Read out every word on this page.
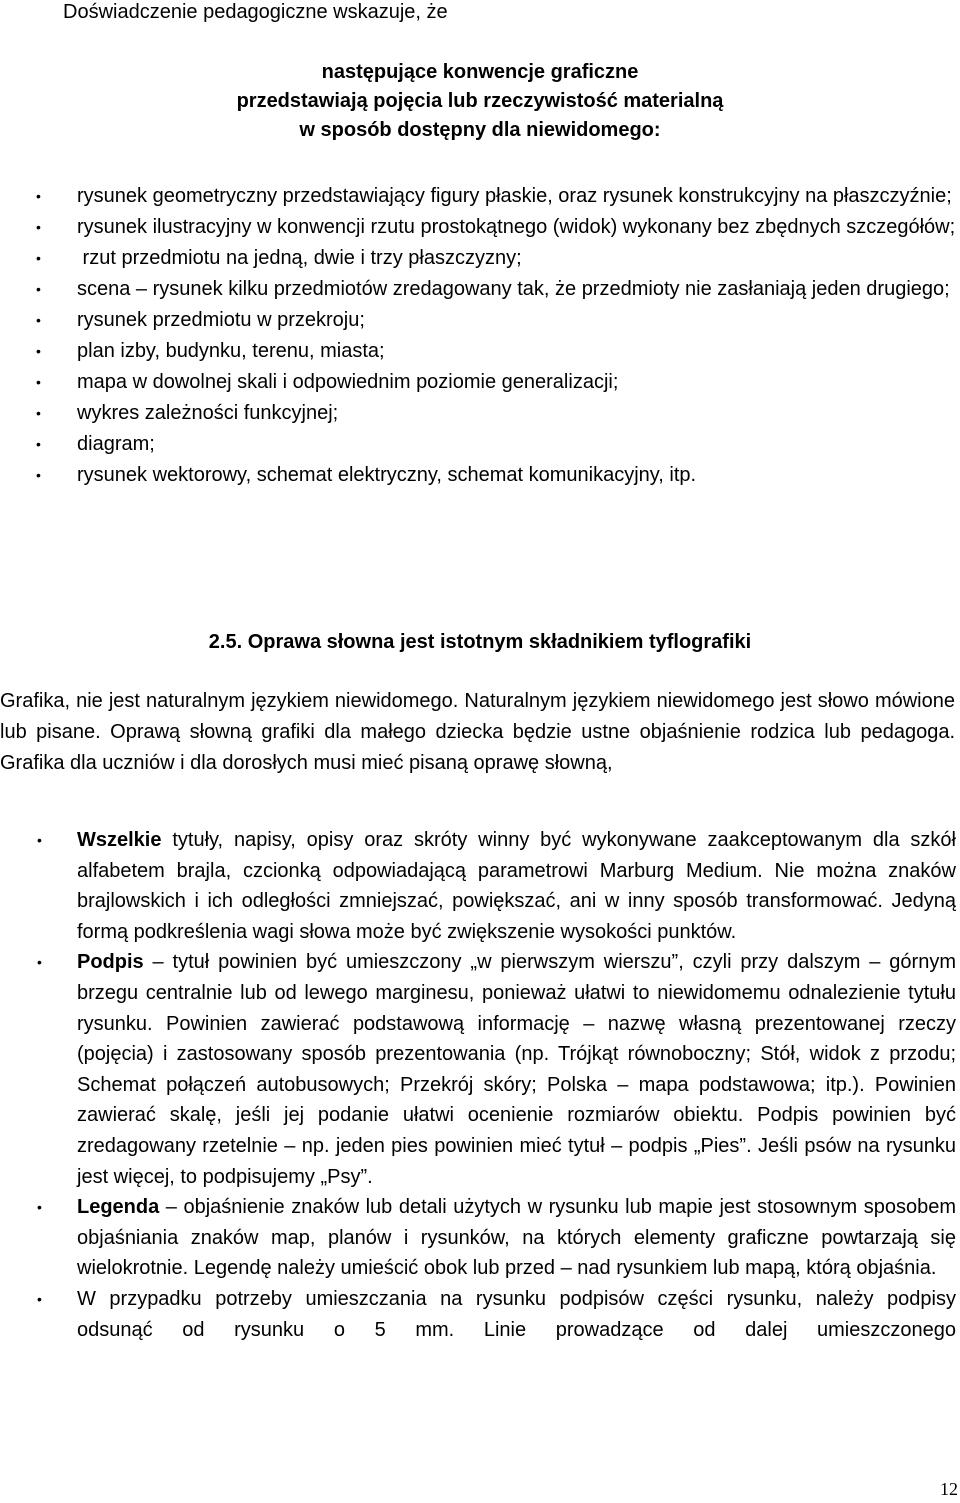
Doświadczenie pedagogiczne wskazuje, że
następujące konwencje graficzne
przedstawiają pojęcia lub rzeczywistość materialną
w sposób dostępny dla niewidomego:
• rysunek geometryczny przedstawiający figury płaskie, oraz rysunek konstrukcyjny na płaszczyźnie;
• rysunek ilustracyjny w konwencji rzutu prostokątnego (widok) wykonany bez zbędnych szczegółów;
• rzut przedmiotu na jedną, dwie i trzy płaszczyzny;
• scena – rysunek kilku przedmiotów zredagowany tak, że przedmioty nie zasłaniają jeden drugiego;
• rysunek przedmiotu w przekroju;
• plan izby, budynku, terenu, miasta;
• mapa w dowolnej skali i odpowiednim poziomie generalizacji;
• wykres zależności funkcyjnej;
• diagram;
• rysunek wektorowy, schemat elektryczny, schemat komunikacyjny, itp.
2.5. Oprawa słowna jest istotnym składnikiem tyflografiki

Grafika, nie jest naturalnym językiem niewidomego. Naturalnym językiem niewidomego jest słowo mówione lub pisane. Oprawą słowną grafiki dla małego dziecka będzie ustne objaśnienie rodzica lub pedagoga. Grafika dla uczniów i dla dorosłych musi mieć pisaną oprawę słowną,

• Wszelkie tytuły, napisy, opisy oraz skróty winny być wykonywane zaakceptowanym dla szkół alfabetem brajla, czcionką odpowiadającą parametrowi Marburg Medium. Nie można znaków brajlowskich i ich odległości zmniejszać, powiększać, ani w inny sposób transformować. Jedyną formą podkreślenia wagi słowa może być zwiększenie wysokości punktów.
• Podpis – tytuł powinien być umieszczony „w pierwszym wierszu”, czyli przy dalszym – górnym brzegu centralnie lub od lewego marginesu, ponieważ ułatwi to niewidomemu odnalezienie tytułu rysunku. Powinien zawierać podstawową informację – nazwę własną prezentowanej rzeczy (pojęcia) i zastosowany sposób prezentowania (np. Trójkąt równoboczny; Stół, widok z przodu; Schemat połączeń autobusowych; Przekrój skóry; Polska – mapa podstawowa; itp.). Powinien zawierać skalę, jeśli jej podanie ułatwi ocenienie rozmiarów obiektu. Podpis powinien być zredagowany rzetelnie – np. jeden pies powinien mieć tytuł – podpis „Pies”. Jeśli psów na rysunku jest więcej, to podpisujemy „Psy”.
• Legenda – objaśnienie znaków lub detali użytych w rysunku lub mapie jest stosownym sposobem objaśniania znaków map, planów i rysunków, na których elementy graficzne powtarzają się wielokrotnie. Legendę należy umieścić obok lub przed – nad rysunkiem lub mapą, którą objaśnia.
• W przypadku potrzeby umieszczania na rysunku podpisów części rysunku, należy podpisy odsunąć od rysunku o 5 mm. Linie prowadzące od dalej umieszczonego
12
